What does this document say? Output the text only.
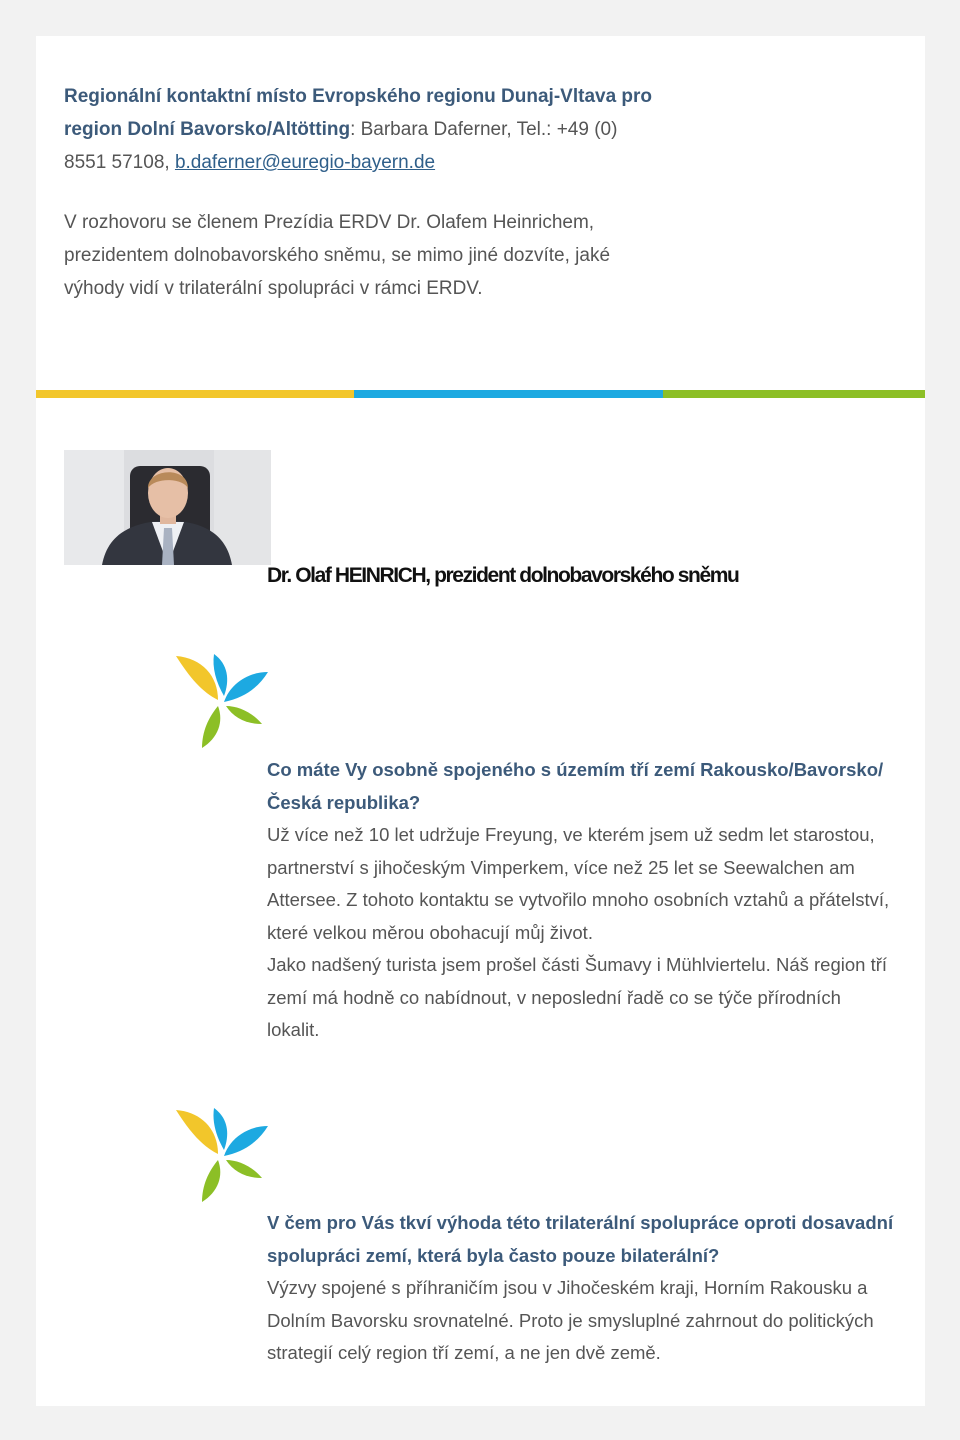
Regionální kontaktní místo Evropského regionu Dunaj-Vltava pro region Dolní Bavorsko/Altötting: Barbara Daferner, Tel.: +49 (0) 8551 57108, b.daferner@euregio-bayern.de
V rozhovoru se členem Prezídia ERDV Dr. Olafem Heinrichem, prezidentem dolnobavorského sněmu, se mimo jiné dozvíte, jaké výhody vidí v trilaterální spolupráci v rámci ERDV.
Dr. Olaf HEINRICH, prezident dolnobavorského sněmu

Co máte Vy osobně spojeného s územím tří zemí Rakousko/Bavorsko/Česká republika?

Už více než 10 let udržuje Freyung, ve kterém jsem už sedm let starostou, partnerství s jihočeským Vimperkem, více než 25 let se Seewalchen am Attersee. Z tohoto kontaktu se vytvořilo mnoho osobních vztahů a přátelství, které velkou měrou obohacují můj život.

Jako nadšený turista jsem prošel části Šumavy i Mühlviertelu. Náš region tří zemí má hodně co nabídnout, v neposlední řadě co se týče přírodních lokalit.

V čem pro Vás tkví výhoda této trilaterální spolupráce oproti dosavadní spolupráci zemí, která byla často pouze bilaterální?

Výzvy spojené s příhraničím jsou v Jihočeském kraji, Horním Rakousku a Dolním Bavorsku srovnatelné. Proto je smysluplné zahrnout do politických strategií celý region tří zemí, a ne jen dvě země.
